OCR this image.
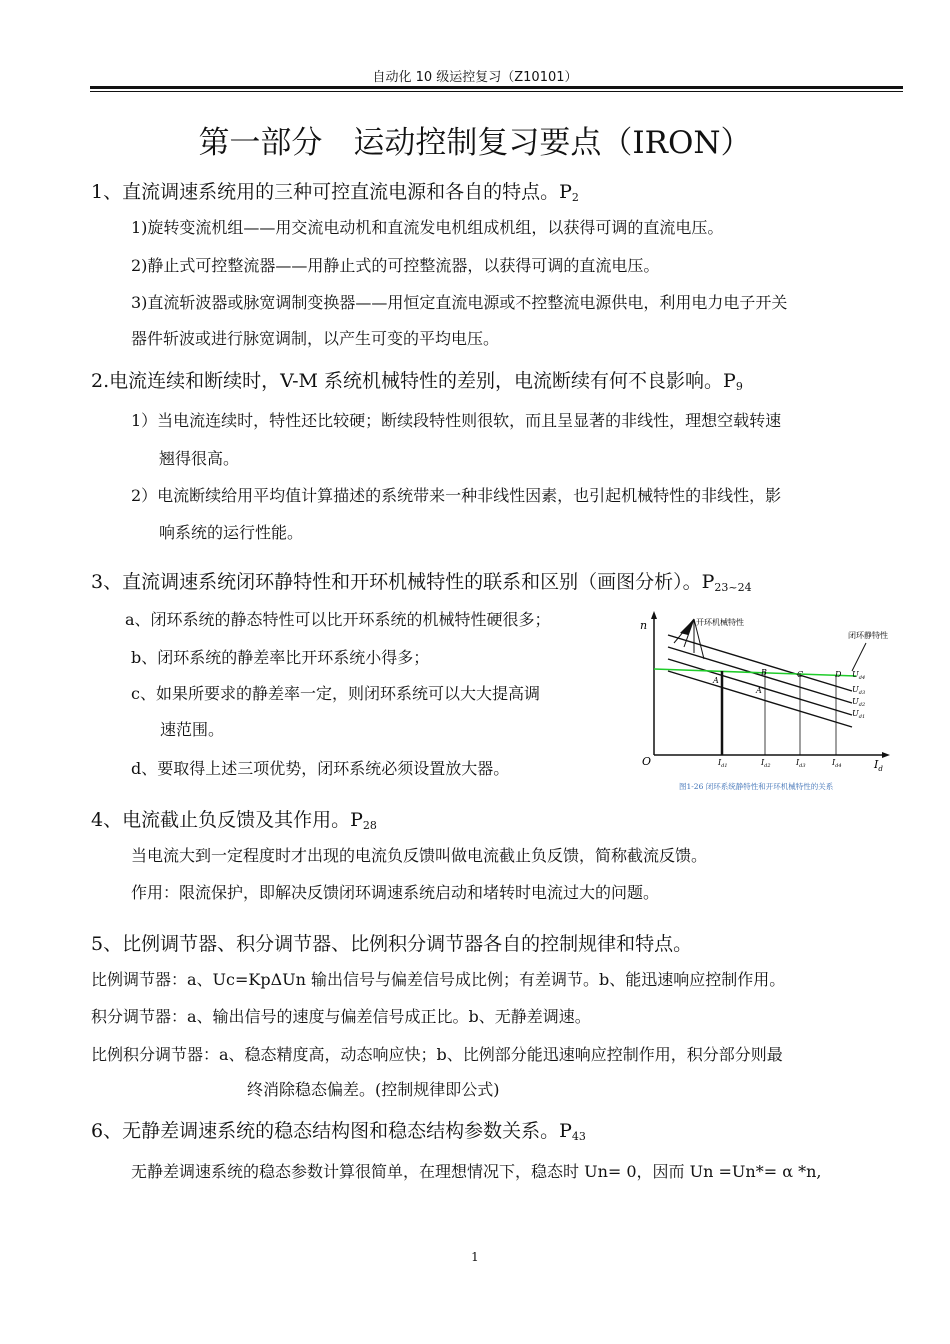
自动化 10 级运控复习（Z10101）
第一部分　运动控制复习要点（IRON）
1、直流调速系统用的三种可控直流电源和各自的特点。$P_2$
1)旋转变流机组——用交流电动机和直流发电机组成机组，以获得可调的直流电压。
2)静止式可控整流器——用静止式的可控整流器，以获得可调的直流电压。
3)直流斩波器或脉宽调制变换器——用恒定直流电源或不控整流电源供电，利用电力电子开关
器件斩波或进行脉宽调制，以产生可变的平均电压。
2.电流连续和断续时，V-M 系统机械特性的差别，电流断续有何不良影响。$P_9$
1）当电流连续时，特性还比较硬；断续段特性则很软，而且呈显著的非线性，理想空载转速
翘得很高。
2）电流断续给用平均值计算描述的系统带来一种非线性因素，也引起机械特性的非线性，影
响系统的运行性能。
3、直流调速系统闭环静特性和开环机械特性的联系和区别（画图分析）。$P_{23\sim 24}$
a、闭环系统的静态特性可以比开环系统的机械特性硬很多；
b、闭环系统的静差率比开环系统小得多；
c、如果所要求的静差率一定，则闭环系统可以大大提高调
速范围。
d、要取得上述三项优势，闭环系统必须设置放大器。
n
O	$I_d$
开环机械特性
闭环静特性
A
B	C	D
A′
$U_{d4}$
$U_{d3}$
$U_{d2}$
$U_{d1}$
$I_{d1}$	$I_{d2}$	$I_{d3}$	$I_{d4}$
图1-26 闭环系统静特性和开环机械特性的关系
4、电流截止负反馈及其作用。$P_{28}$
当电流大到一定程度时才出现的电流负反馈叫做电流截止负反馈，简称截流反馈。
作用：限流保护，即解决反馈闭环调速系统启动和堵转时电流过大的问题。
5、比例调节器、积分调节器、比例积分调节器各自的控制规律和特点。
比例调节器：a、Uc=KpΔUn 输出信号与偏差信号成比例；有差调节。b、能迅速响应控制作用。
积分调节器：a、输出信号的速度与偏差信号成正比。b、无静差调速。
比例积分调节器：a、稳态精度高，动态响应快；b、比例部分能迅速响应控制作用，积分部分则最
终消除稳态偏差。(控制规律即公式)
6、无静差调速系统的稳态结构图和稳态结构参数关系。$P_{43}$
无静差调速系统的稳态参数计算很简单，在理想情况下，稳态时 Un= 0，因而 Un =Un*= α *n,
1
